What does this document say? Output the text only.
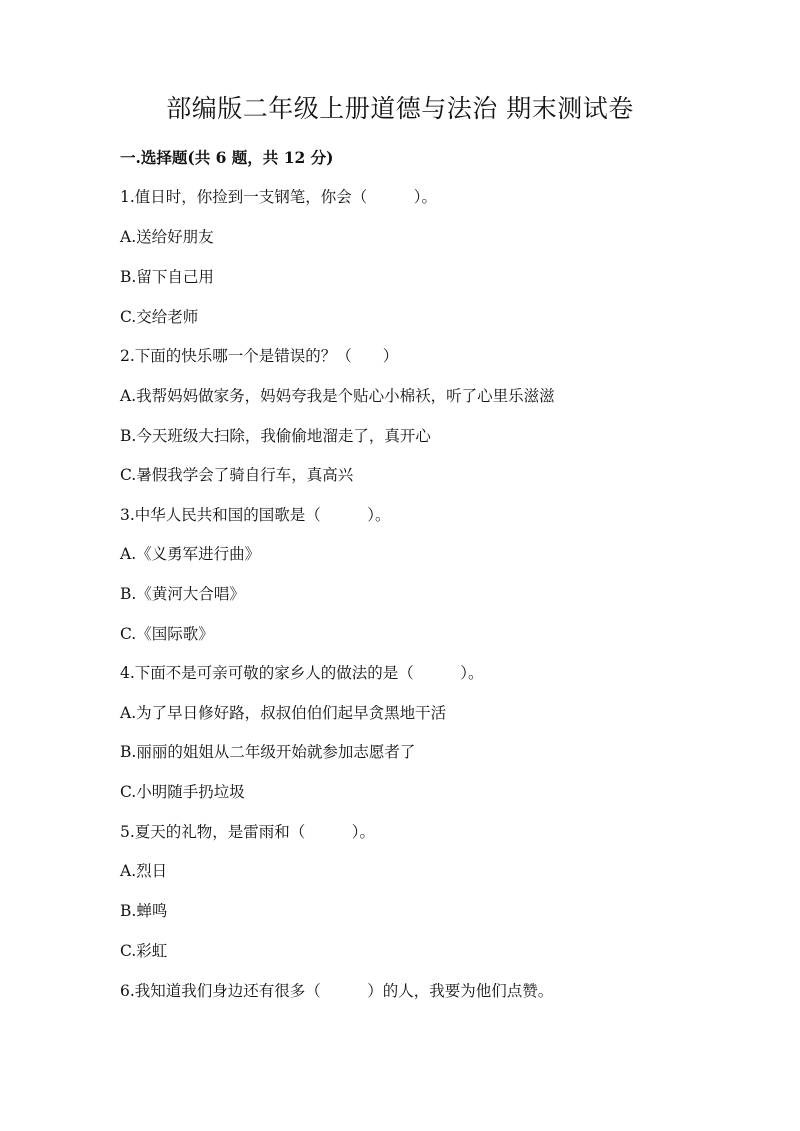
部编版二年级上册道德与法治 期末测试卷

一.选择题(共 6 题，共 12 分)

1.值日时，你捡到一支钢笔，你会（　　　）。

A.送给好朋友

B.留下自己用

C.交给老师

2.下面的快乐哪一个是错误的？（　　）

A.我帮妈妈做家务，妈妈夸我是个贴心小棉袄，听了心里乐滋滋

B.今天班级大扫除，我偷偷地溜走了，真开心

C.暑假我学会了骑自行车，真高兴

3.中华人民共和国的国歌是（　　　）。

A.《义勇军进行曲》

B.《黄河大合唱》

C.《国际歌》

4.下面不是可亲可敬的家乡人的做法的是（　　　）。

A.为了早日修好路，叔叔伯伯们起早贪黑地干活

B.丽丽的姐姐从二年级开始就参加志愿者了

C.小明随手扔垃圾

5.夏天的礼物，是雷雨和（　　　）。

A.烈日

B.蝉鸣

C.彩虹

6.我知道我们身边还有很多（　　　）的人，我要为他们点赞。
